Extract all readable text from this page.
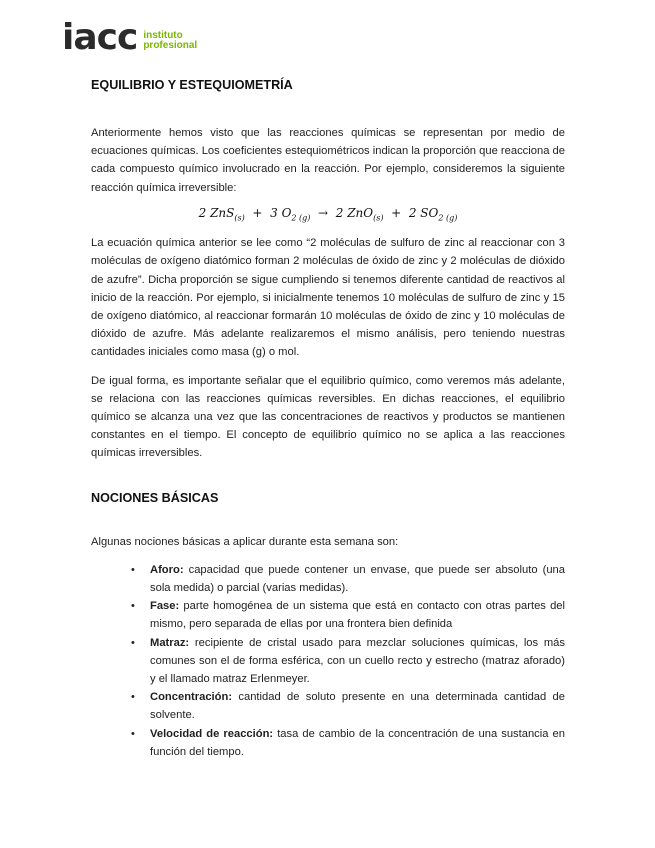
iacc instituto
profesional
EQUILIBRIO Y ESTEQUIOMETRÍA

Anteriormente hemos visto que las reacciones químicas se representan por medio de ecuaciones químicas. Los coeficientes estequiométricos indican la proporción que reacciona de cada compuesto químico involucrado en la reacción. Por ejemplo, consideremos la siguiente reacción química irreversible:

2 ZnS$_{(s)}$ + 3 $O_{2 (g)} \to 2$ ZnO$_{(s)}$ + 2 $SO_{2 (g)}$

La ecuación química anterior se lee como “2 moléculas de sulfuro de zinc al reaccionar con 3 moléculas de oxígeno diatómico forman 2 moléculas de óxido de zinc y 2 moléculas de dióxido de azufre”. Dicha proporción se sigue cumpliendo si tenemos diferente cantidad de reactivos al inicio de la reacción. Por ejemplo, si inicialmente tenemos 10 moléculas de sulfuro de zinc y 15 de oxígeno diatómico, al reaccionar formarán 10 moléculas de óxido de zinc y 10 moléculas de dióxido de azufre. Más adelante realizaremos el mismo análisis, pero teniendo nuestras cantidades iniciales como masa (g) o mol.

De igual forma, es importante señalar que el equilibrio químico, como veremos más adelante, se relaciona con las reacciones químicas reversibles. En dichas reacciones, el equilibrio químico se alcanza una vez que las concentraciones de reactivos y productos se mantienen constantes en el tiempo. El concepto de equilibrio químico no se aplica a las reacciones químicas irreversibles.

NOCIONES BÁSICAS

Algunas nociones básicas a aplicar durante esta semana son:

• Aforo: capacidad que puede contener un envase, que puede ser absoluto (una sola medida) o parcial (varias medidas).
• Fase: parte homogénea de un sistema que está en contacto con otras partes del mismo, pero separada de ellas por una frontera bien definida
• Matraz: recipiente de cristal usado para mezclar soluciones químicas, los más comunes son el de forma esférica, con un cuello recto y estrecho (matraz aforado) y el llamado matraz Erlenmeyer.
• Concentración: cantidad de soluto presente en una determinada cantidad de solvente.
• Velocidad de reacción: tasa de cambio de la concentración de una sustancia en función del tiempo.
